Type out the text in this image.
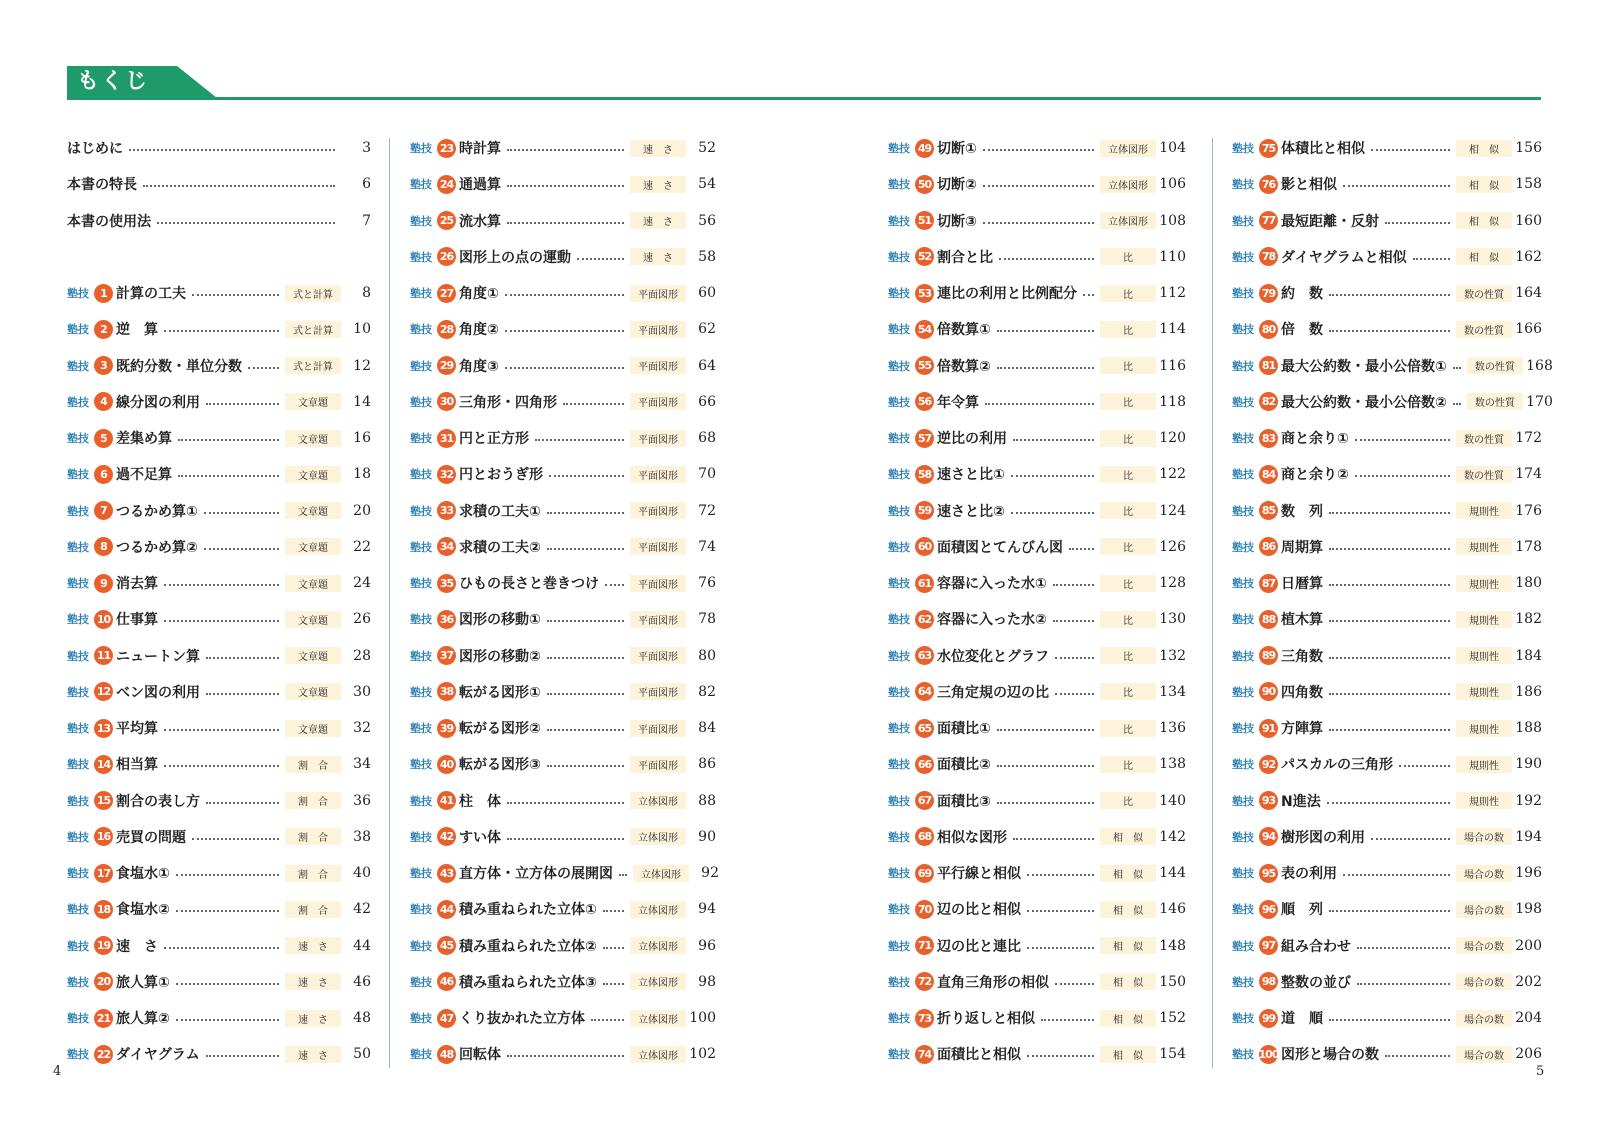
もくじ
はじめに	3
本書の特長	6
本書の使用法	7
塾技	1 計算の工夫	式と計算	8
塾技	2 逆　算	式と計算	10
塾技	3 既約分数・単位分数	式と計算	12
塾技	4 線分図の利用	文章題	14
塾技	5 差集め算	文章題	16
塾技	6 過不足算	文章題	18
塾技	7 つるかめ算①	文章題	20
塾技	8 つるかめ算②	文章題	22
塾技	9 消去算	文章題	24
塾技 10 仕事算	文章題	26
塾技 11 ニュートン算	文章題	28
塾技 12 ベン図の利用	文章題	30
塾技 13 平均算	文章題	32
塾技 14 相当算	割　合	34
塾技 15 割合の表し方	割　合	36
塾技 16 売買の問題	割　合	38
塾技 17 食塩水①	割　合	40
塾技 18 食塩水②	割　合	42
塾技 19 速　さ	速　さ	44
塾技 20 旅人算①	速　さ	46
塾技 21 旅人算②	速　さ	48
塾技 22 ダイヤグラム	速　さ	50
塾技 23 時計算	速　さ	52
塾技 24 通過算	速　さ	54
塾技 25 流水算	速　さ	56
塾技 26 図形上の点の運動	速　さ	58
塾技 27 角度①	平面図形	60
塾技 28 角度②	平面図形	62
塾技 29 角度③	平面図形	64
塾技 30 三角形・四角形	平面図形	66
塾技 31 円と正方形	平面図形	68
塾技 32 円とおうぎ形	平面図形	70
塾技 33 求積の工夫①	平面図形	72
塾技 34 求積の工夫②	平面図形	74
塾技 35 ひもの長さと巻きつけ	平面図形	76
塾技 36 図形の移動①	平面図形	78
塾技 37 図形の移動②	平面図形	80
塾技 38 転がる図形①	平面図形	82
塾技 39 転がる図形②	平面図形	84
塾技 40 転がる図形③	平面図形	86
塾技 41 柱　体	立体図形	88
塾技 42 すい体	立体図形	90
塾技 43 直方体・立方体の展開図	立体図形	92
塾技 44 積み重ねられた立体①	立体図形	94
塾技 45 積み重ねられた立体②	立体図形	96
塾技 46 積み重ねられた立体③	立体図形	98
塾技 47 くり抜かれた立方体	立体図形 100
塾技 48 回転体	立体図形 102
塾技 49 切断①	立体図形 104
塾技 50 切断②	立体図形 106
塾技 51 切断③	立体図形 108
塾技 52 割合と比	比	110
塾技 53 連比の利用と比例配分	比	112
塾技 54 倍数算①	比	114
塾技 55 倍数算②	比	116
塾技 56 年令算	比	118
塾技 57 逆比の利用	比	120
塾技 58 速さと比①	比	122
塾技 59 速さと比②	比	124
塾技 60 面積図とてんびん図	比	126
塾技 61 容器に入った水①	比	128
塾技 62 容器に入った水②	比	130
塾技 63 水位変化とグラフ	比	132
塾技 64 三角定規の辺の比	比	134
塾技 65 面積比①	比	136
塾技 66 面積比②	比	138
塾技 67 面積比③	比	140
塾技 68 相似な図形	相　似	142
塾技 69 平行線と相似	相　似	144
塾技 70 辺の比と相似	相　似	146
塾技 71 辺の比と連比	相　似	148
塾技 72 直角三角形の相似	相　似	150
塾技 73 折り返しと相似	相　似	152
塾技 74 面積比と相似	相　似	154
塾技 75 体積比と相似	相　似	156
塾技 76 影と相似	相　似	158
塾技 77 最短距離・反射	相　似	160
塾技 78 ダイヤグラムと相似	相　似	162
塾技 79 約　数	数の性質 164
塾技 80 倍　数	数の性質 166
塾技 81 最大公約数・最小公倍数①	数の性質 168
塾技 82 最大公約数・最小公倍数②	数の性質 170
塾技 83 商と余り①	数の性質 172
塾技 84 商と余り②	数の性質 174
塾技 85 数　列	規則性	176
塾技 86 周期算	規則性	178
塾技 87 日暦算	規則性	180
塾技 88 植木算	規則性	182
塾技 89 三角数	規則性	184
塾技 90 四角数	規則性	186
塾技 91 方陣算	規則性	188
塾技 92 パスカルの三角形	規則性	190
塾技 93 N進法	規則性	192
塾技 94 樹形図の利用	場合の数 194
塾技 95 表の利用	場合の数 196
塾技 96 順　列	場合の数 198
塾技 97 組み合わせ	場合の数 200
塾技 98 整数の並び	場合の数 202
塾技 99 道　順	場合の数 204
塾技 100 図形と場合の数	場合の数 206
4	5
